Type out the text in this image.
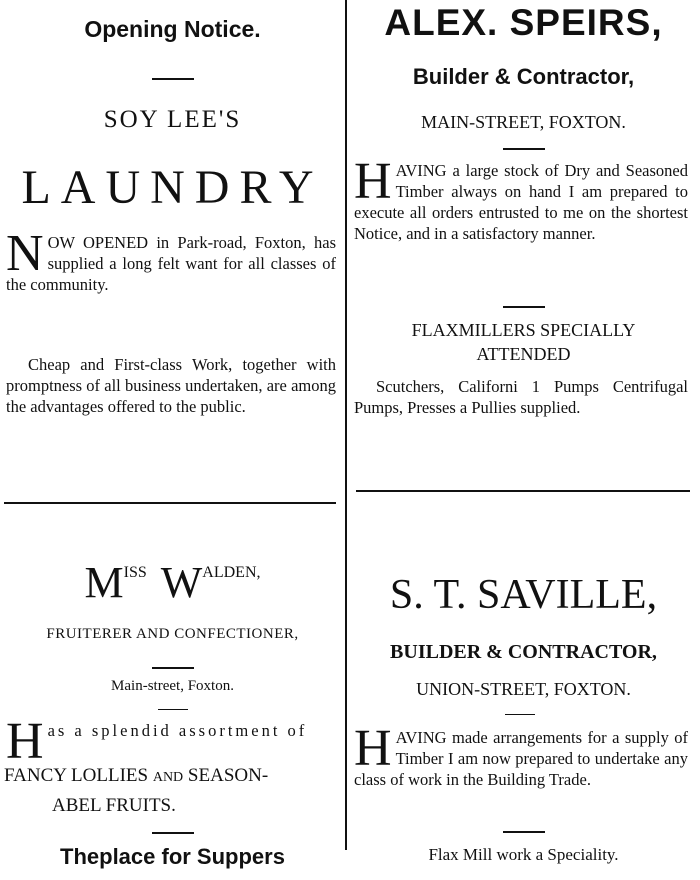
Opening Notice.
SOY LEE'S
LAUNDRY

NOW OPENED in Park-road, Foxton, has supplied a long felt want for all classes of the community.

Cheap and First-class Work, together with promptness of all business undertaken, are among the advantages offered to the public.

ALEX. SPEIRS,
Builder & Contractor,
MAIN-STREET, FOXTON.

HAVING a large stock of Dry and Seasoned Timber always on hand I am prepared to execute all orders entrusted to me on the shortest Notice, and in a satisfactory manner.

FLAXMILLERS SPECIALLY
ATTENDED

Scutchers, Californi 1 Pumps Centrifugal Pumps, Presses a Pullies supplied.

MISS WALDEN,
FRUITERER AND CONFECTIONER,
Main-street, Foxton.
Has a splendid assortment of
FANCY LOLLIES AND SEASON-
ABEL FRUITS.
Theplace for Suppers
S. T. SAVILLE,
BUILDER & CONTRACTOR,
UNION-STREET, FOXTON.

HAVING made arrangements for a supply of Timber I am now prepared to undertake any class of work in the Building Trade.

Flax Mill work a Speciality.
